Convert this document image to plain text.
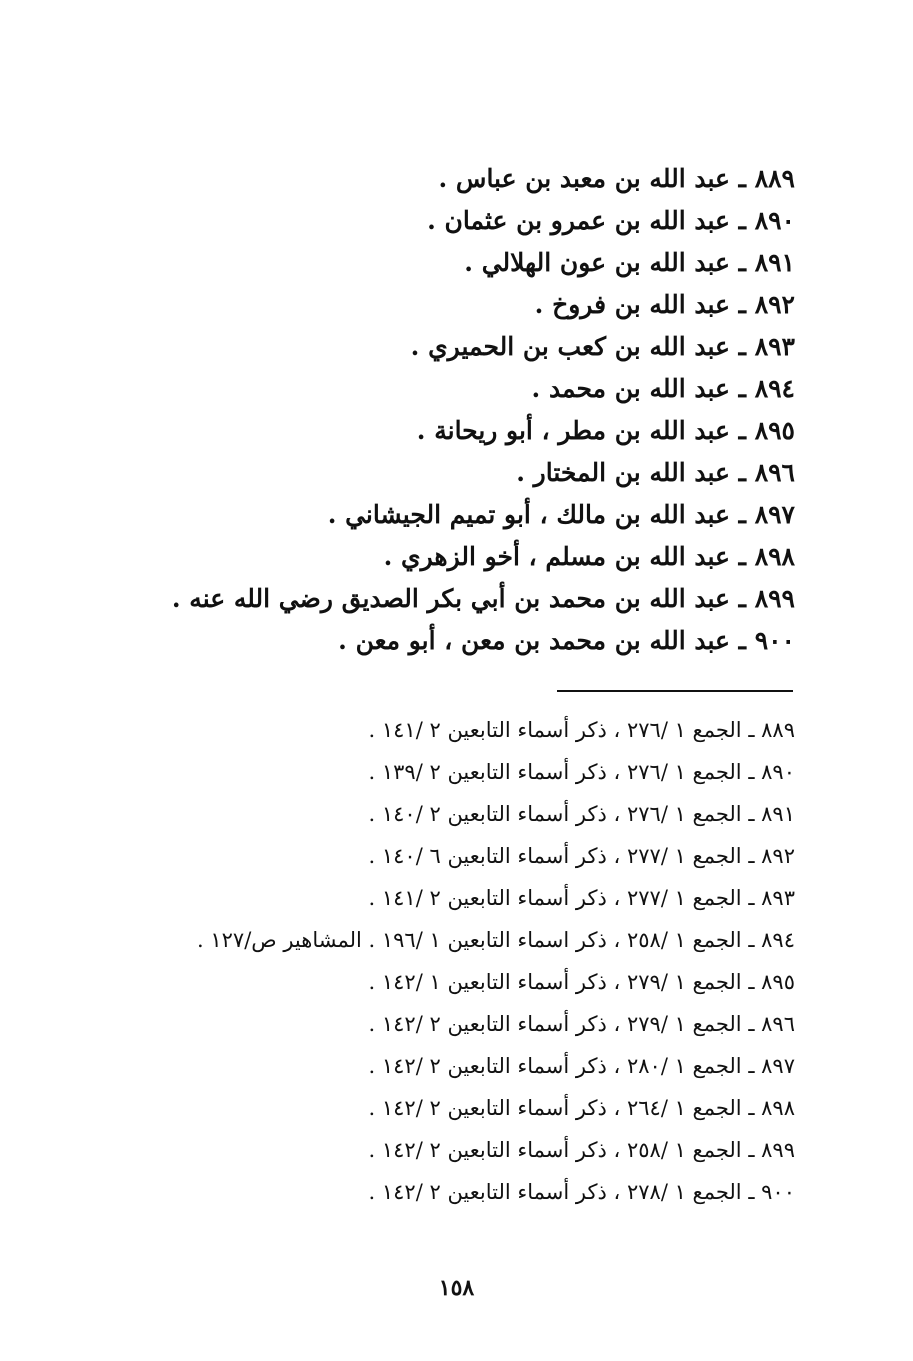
٨٨٩ ـ عبد الله بن معبد بن عباس .
٨٩٠ ـ عبد الله بن عمرو بن عثمان .
٨٩١ ـ عبد الله بن عون الهلالي .
٨٩٢ ـ عبد الله بن فروخ .
٨٩٣ ـ عبد الله بن كعب بن الحميري .
٨٩٤ ـ عبد الله بن محمد .
٨٩٥ ـ عبد الله بن مطر ، أبو ريحانة .
٨٩٦ ـ عبد الله بن المختار .
٨٩٧ ـ عبد الله بن مالك ، أبو تميم الجيشاني .
٨٩٨ ـ عبد الله بن مسلم ، أخو الزهري .
٨٩٩ ـ عبد الله بن محمد بن أبي بكر الصديق رضي الله عنه .
٩٠٠ ـ عبد الله بن محمد بن معن ، أبو معن .
٨٨٩ ـ الجمع ١ /٢٧٦ ، ذكر أسماء التابعين ٢ /١٤١ .
٨٩٠ ـ الجمع ١ /٢٧٦ ، ذكر أسماء التابعين ٢ /١٣٩ .
٨٩١ ـ الجمع ١ /٢٧٦ ، ذكر أسماء التابعين ٢ /١٤٠ .
٨٩٢ ـ الجمع ١ /٢٧٧ ، ذكر أسماء التابعين ٦ /١٤٠ .
٨٩٣ ـ الجمع ١ /٢٧٧ ، ذكر أسماء التابعين ٢ /١٤١ .
٨٩٤ ـ الجمع ١ /٢٥٨ ، ذكر اسماء التابعين ١ /١٩٦ . المشاهير ص/١٢٧ .
٨٩٥ ـ الجمع ١ /٢٧٩ ، ذكر أسماء التابعين ١ /١٤٢ .
٨٩٦ ـ الجمع ١ /٢٧٩ ، ذكر أسماء التابعين ٢ /١٤٢ .
٨٩٧ ـ الجمع ١ /٢٨٠ ، ذكر أسماء التابعين ٢ /١٤٢ .
٨٩٨ ـ الجمع ١ /٢٦٤ ، ذكر أسماء التابعين ٢ /١٤٢ .
٨٩٩ ـ الجمع ١ /٢٥٨ ، ذكر أسماء التابعين ٢ /١٤٢ .
٩٠٠ ـ الجمع ١ /٢٧٨ ، ذكر أسماء التابعين ٢ /١٤٢ .
١٥٨
